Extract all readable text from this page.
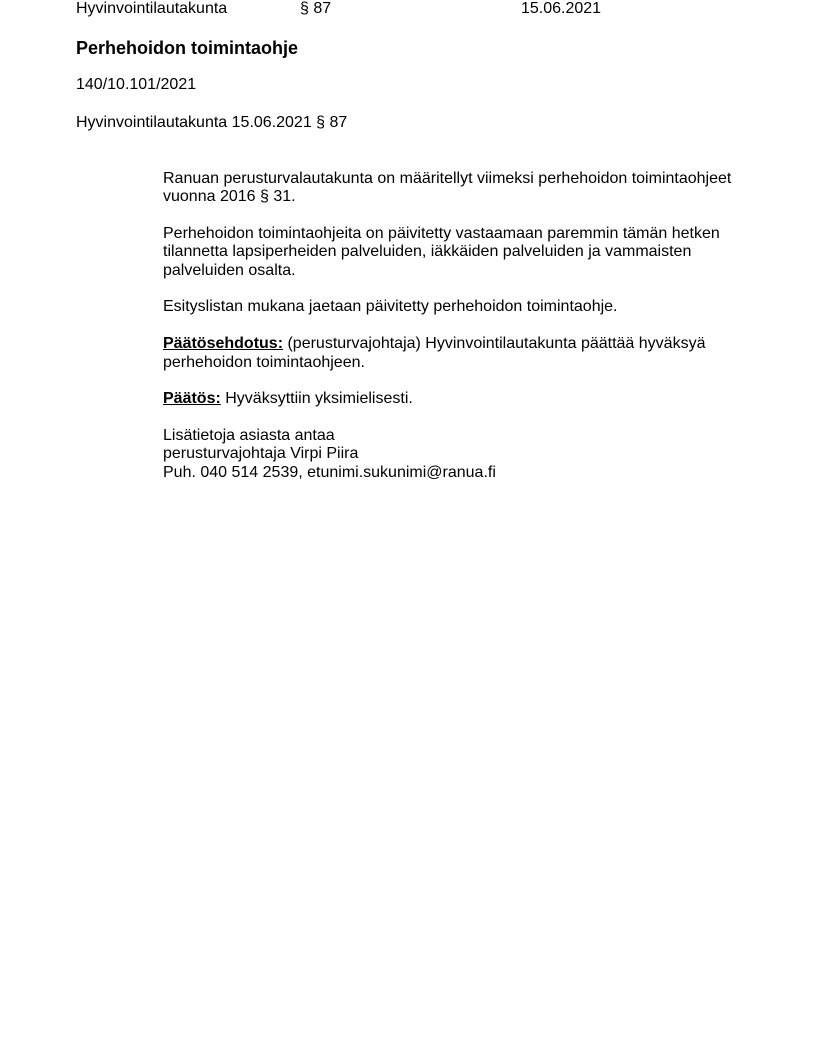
Hyvinvointilautakunta	§ 87	15.06.2021
Perhehoidon toimintaohje
140/10.101/2021
Hyvinvointilautakunta 15.06.2021 § 87

Ranuan perusturvalautakunta on määritellyt viimeksi perhehoidon toimintaohjeet vuonna 2016 § 31.

Perhehoidon toimintaohjeita on päivitetty vastaamaan paremmin tämän hetken tilannetta lapsiperheiden palveluiden, iäkkäiden palveluiden ja vammaisten palveluiden osalta.

Esityslistan mukana jaetaan päivitetty perhehoidon toimintaohje.

Päätösehdotus: (perusturvajohtaja) Hyvinvointilautakunta päättää hyväksyä perhehoidon toimintaohjeen.

Päätös: Hyväksyttiin yksimielisesti.

Lisätietoja asiasta antaa

perusturvajohtaja Virpi Piira

Puh. 040 514 2539, etunimi.sukunimi@ranua.fi
